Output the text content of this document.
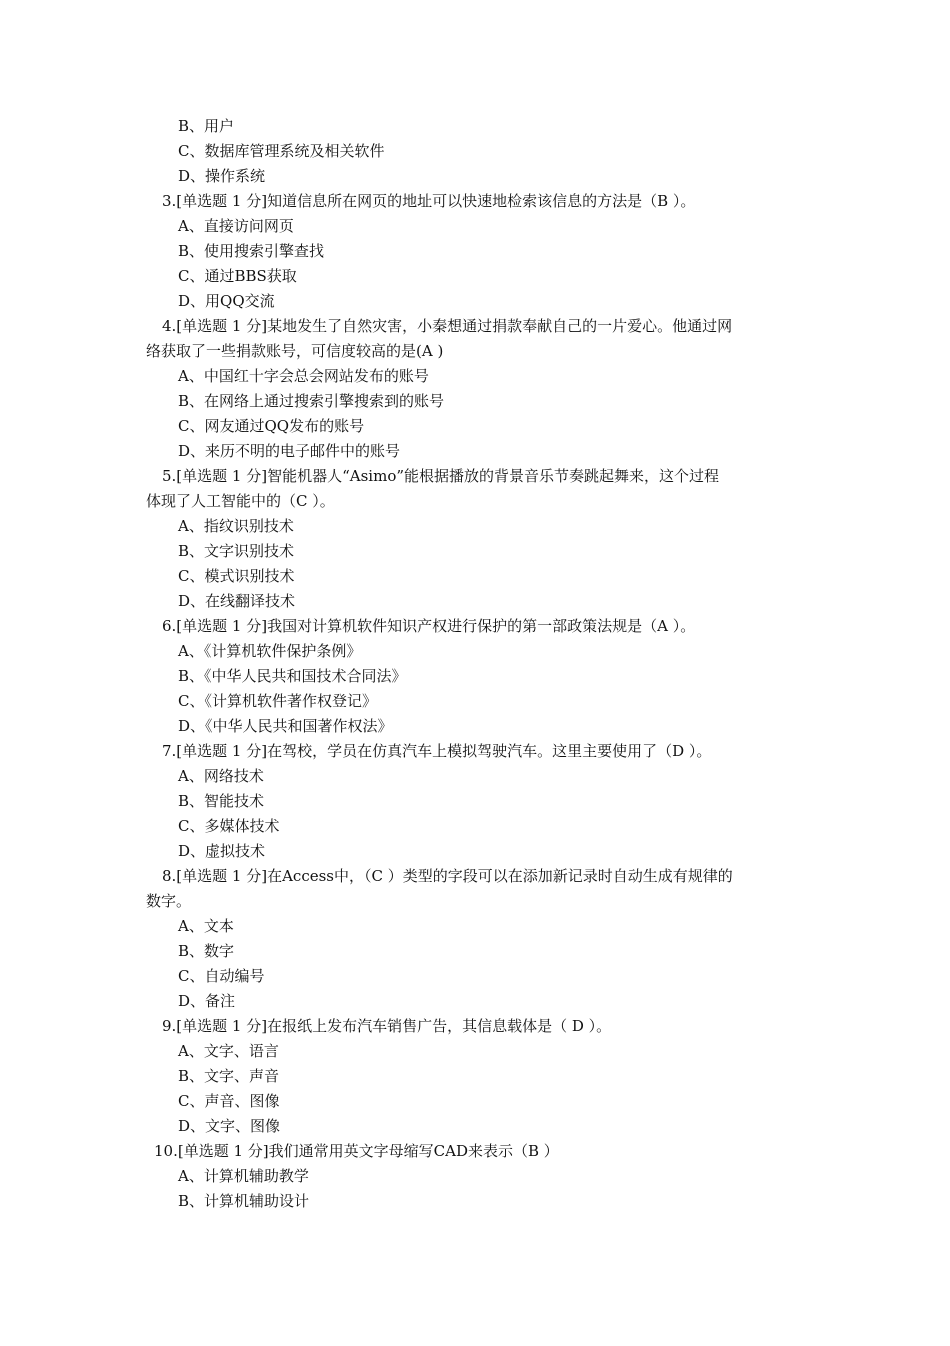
B、用户
C、数据库管理系统及相关软件
D、操作系统
3.[单选题 1 分]知道信息所在网页的地址可以快速地检索该信息的方法是（B ）。
A、直接访问网页
B、使用搜索引擎查找
C、通过BBS获取
D、用QQ交流
4.[单选题 1 分]某地发生了自然灾害，小秦想通过捐款奉献自己的一片爱心。他通过网
络获取了一些捐款账号，可信度较高的是(A )
A、中国红十字会总会网站发布的账号
B、在网络上通过搜索引擎搜索到的账号
C、网友通过QQ发布的账号
D、来历不明的电子邮件中的账号
5.[单选题 1 分]智能机器人“Asimo”能根据播放的背景音乐节奏跳起舞来，这个过程
体现了人工智能中的（C ）。
A、指纹识别技术
B、文字识别技术
C、模式识别技术
D、在线翻译技术
6.[单选题 1 分]我国对计算机软件知识产权进行保护的第一部政策法规是（A ）。
A、《计算机软件保护条例》
B、《中华人民共和国技术合同法》
C、《计算机软件著作权登记》
D、《中华人民共和国著作权法》
7.[单选题 1 分]在驾校，学员在仿真汽车上模拟驾驶汽车。这里主要使用了（D ）。
A、网络技术
B、智能技术
C、多媒体技术
D、虚拟技术
8.[单选题 1 分]在Access中，（C ）类型的字段可以在添加新记录时自动生成有规律的
数字。
A、文本
B、数字
C、自动编号
D、备注
9.[单选题 1 分]在报纸上发布汽车销售广告，其信息载体是（ D ）。
A、文字、语言
B、文字、声音
C、声音、图像
D、文字、图像
10.[单选题 1 分]我们通常用英文字母缩写CAD来表示（B ）
A、计算机辅助教学
B、计算机辅助设计
